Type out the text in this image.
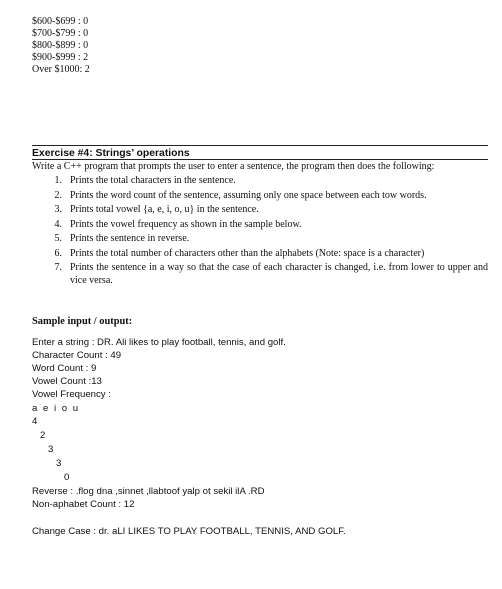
$600-$699 : 0
$700-$799 : 0
$800-$899 : 0
$900-$999 : 2
Over $1000: 2
Exercise #4: Strings’ operations
Write a C++ program that prompts the user to enter a sentence, the program then does the following:
1. Prints the total characters in the sentence.
2. Prints the word count of the sentence, assuming only one space between each tow words.
3. Prints total vowel {a, e, i, o, u} in the sentence.
4. Prints the vowel frequency as shown in the sample below.
5. Prints the sentence in reverse.
6. Prints the total number of characters other than the alphabets (Note: space is a character)
7. Prints the sentence in a way so that the case of each character is changed, i.e. from lower to upper and vice versa.
Sample input / output:
Enter a string : DR. Ali likes to play football, tennis, and golf.
Character Count : 49
Word Count : 9
Vowel Count :13
Vowel Frequency :
a e i o u
4
2
3
3
0
Reverse : .flog dna ,sinnet ,llabtoof yalp ot sekil ilA .RD
Non-aphabet Count : 12
Change Case : dr. aLI LIKES TO PLAY FOOTBALL, TENNIS, AND GOLF.
